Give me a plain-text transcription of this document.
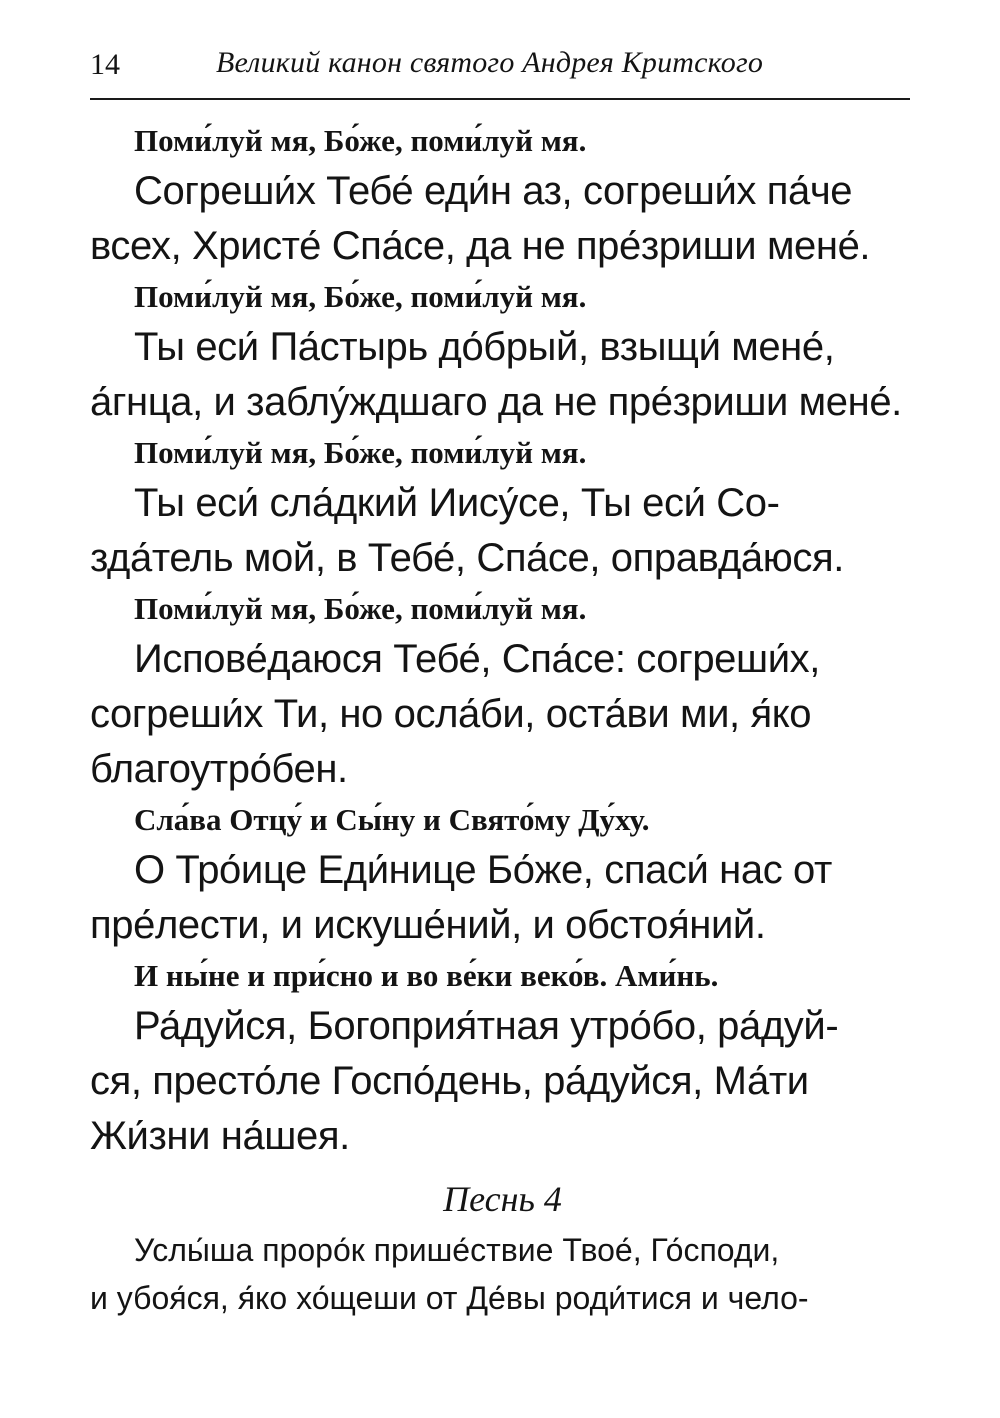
14	Великий канон святого Андрея Критского

Поми́луй мя, Бо́же, поми́луй мя.

Согреши́х Тебе́ еди́н аз, согреши́х па́че
всех, Христе́ Спа́се, да не пре́зриши мене́.

Поми́луй мя, Бо́же, поми́луй мя.

Ты еси́ Па́стырь до́брый, взыщи́ мене́,
а́гнца, и заблу́ждшаго да не пре́зриши мене́.

Поми́луй мя, Бо́же, поми́луй мя.

Ты еси́ сла́дкий Иису́се, Ты еси́ Со-
зда́тель мой, в Тебе́, Спа́се, оправда́юся.

Поми́луй мя, Бо́же, поми́луй мя.

Испове́даюся Тебе́, Спа́се: согреши́х,
согреши́х Ти, но осла́би, оста́ви ми, я́ко
благоутро́бен.

Сла́ва Отцу́ и Сы́ну и Свято́му Ду́ху.

О Тро́ице Еди́нице Бо́же, спаси́ нас от
пре́лести, и искуше́ний, и обстоя́ний.

И ны́не и при́сно и во ве́ки веко́в. Ами́нь.

Ра́дуйся, Богоприя́тная утро́бо, ра́дуй-
ся, престо́ле Госпо́день, ра́дуйся, Ма́ти
Жи́зни на́шея.

Песнь 4

Услы́ша проро́к прише́ствие Твое́, Го́споди,
и убоя́ся, я́ко хо́щеши от Де́вы роди́тися и чело-
